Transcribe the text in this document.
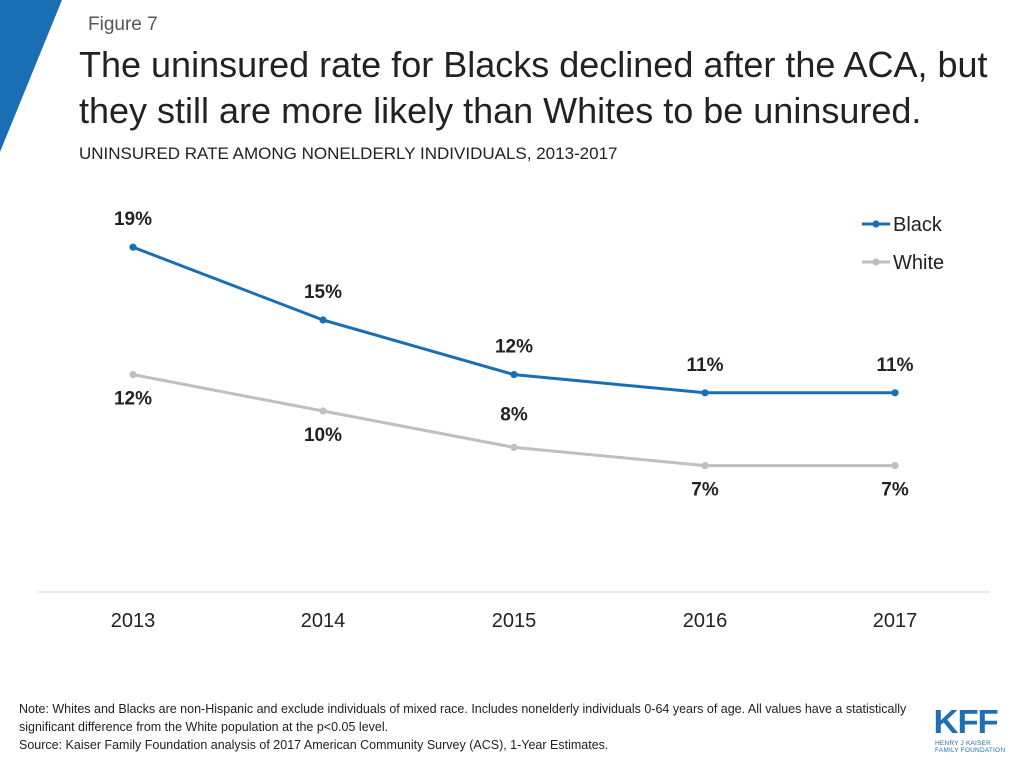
Figure 7
The uninsured rate for Blacks declined after the ACA, but they still are more likely than Whites to be uninsured.
UNINSURED RATE AMONG NONELDERLY INDIVIDUALS, 2013-2017
2013	2014	2015	2016	2017
19%
15%
12%
11%	11%
12%
10%
8%
7%	7%
Black
White
Note: Whites and Blacks are non-Hispanic and exclude individuals of mixed race. Includes nonelderly individuals 0-64 years of age. All values have a statistically significant difference from the White population at the p<0.05 level.
Source: Kaiser Family Foundation analysis of 2017 American Community Survey (ACS), 1-Year Estimates.
KFF
HENRY J KAISER
FAMILY FOUNDATION
